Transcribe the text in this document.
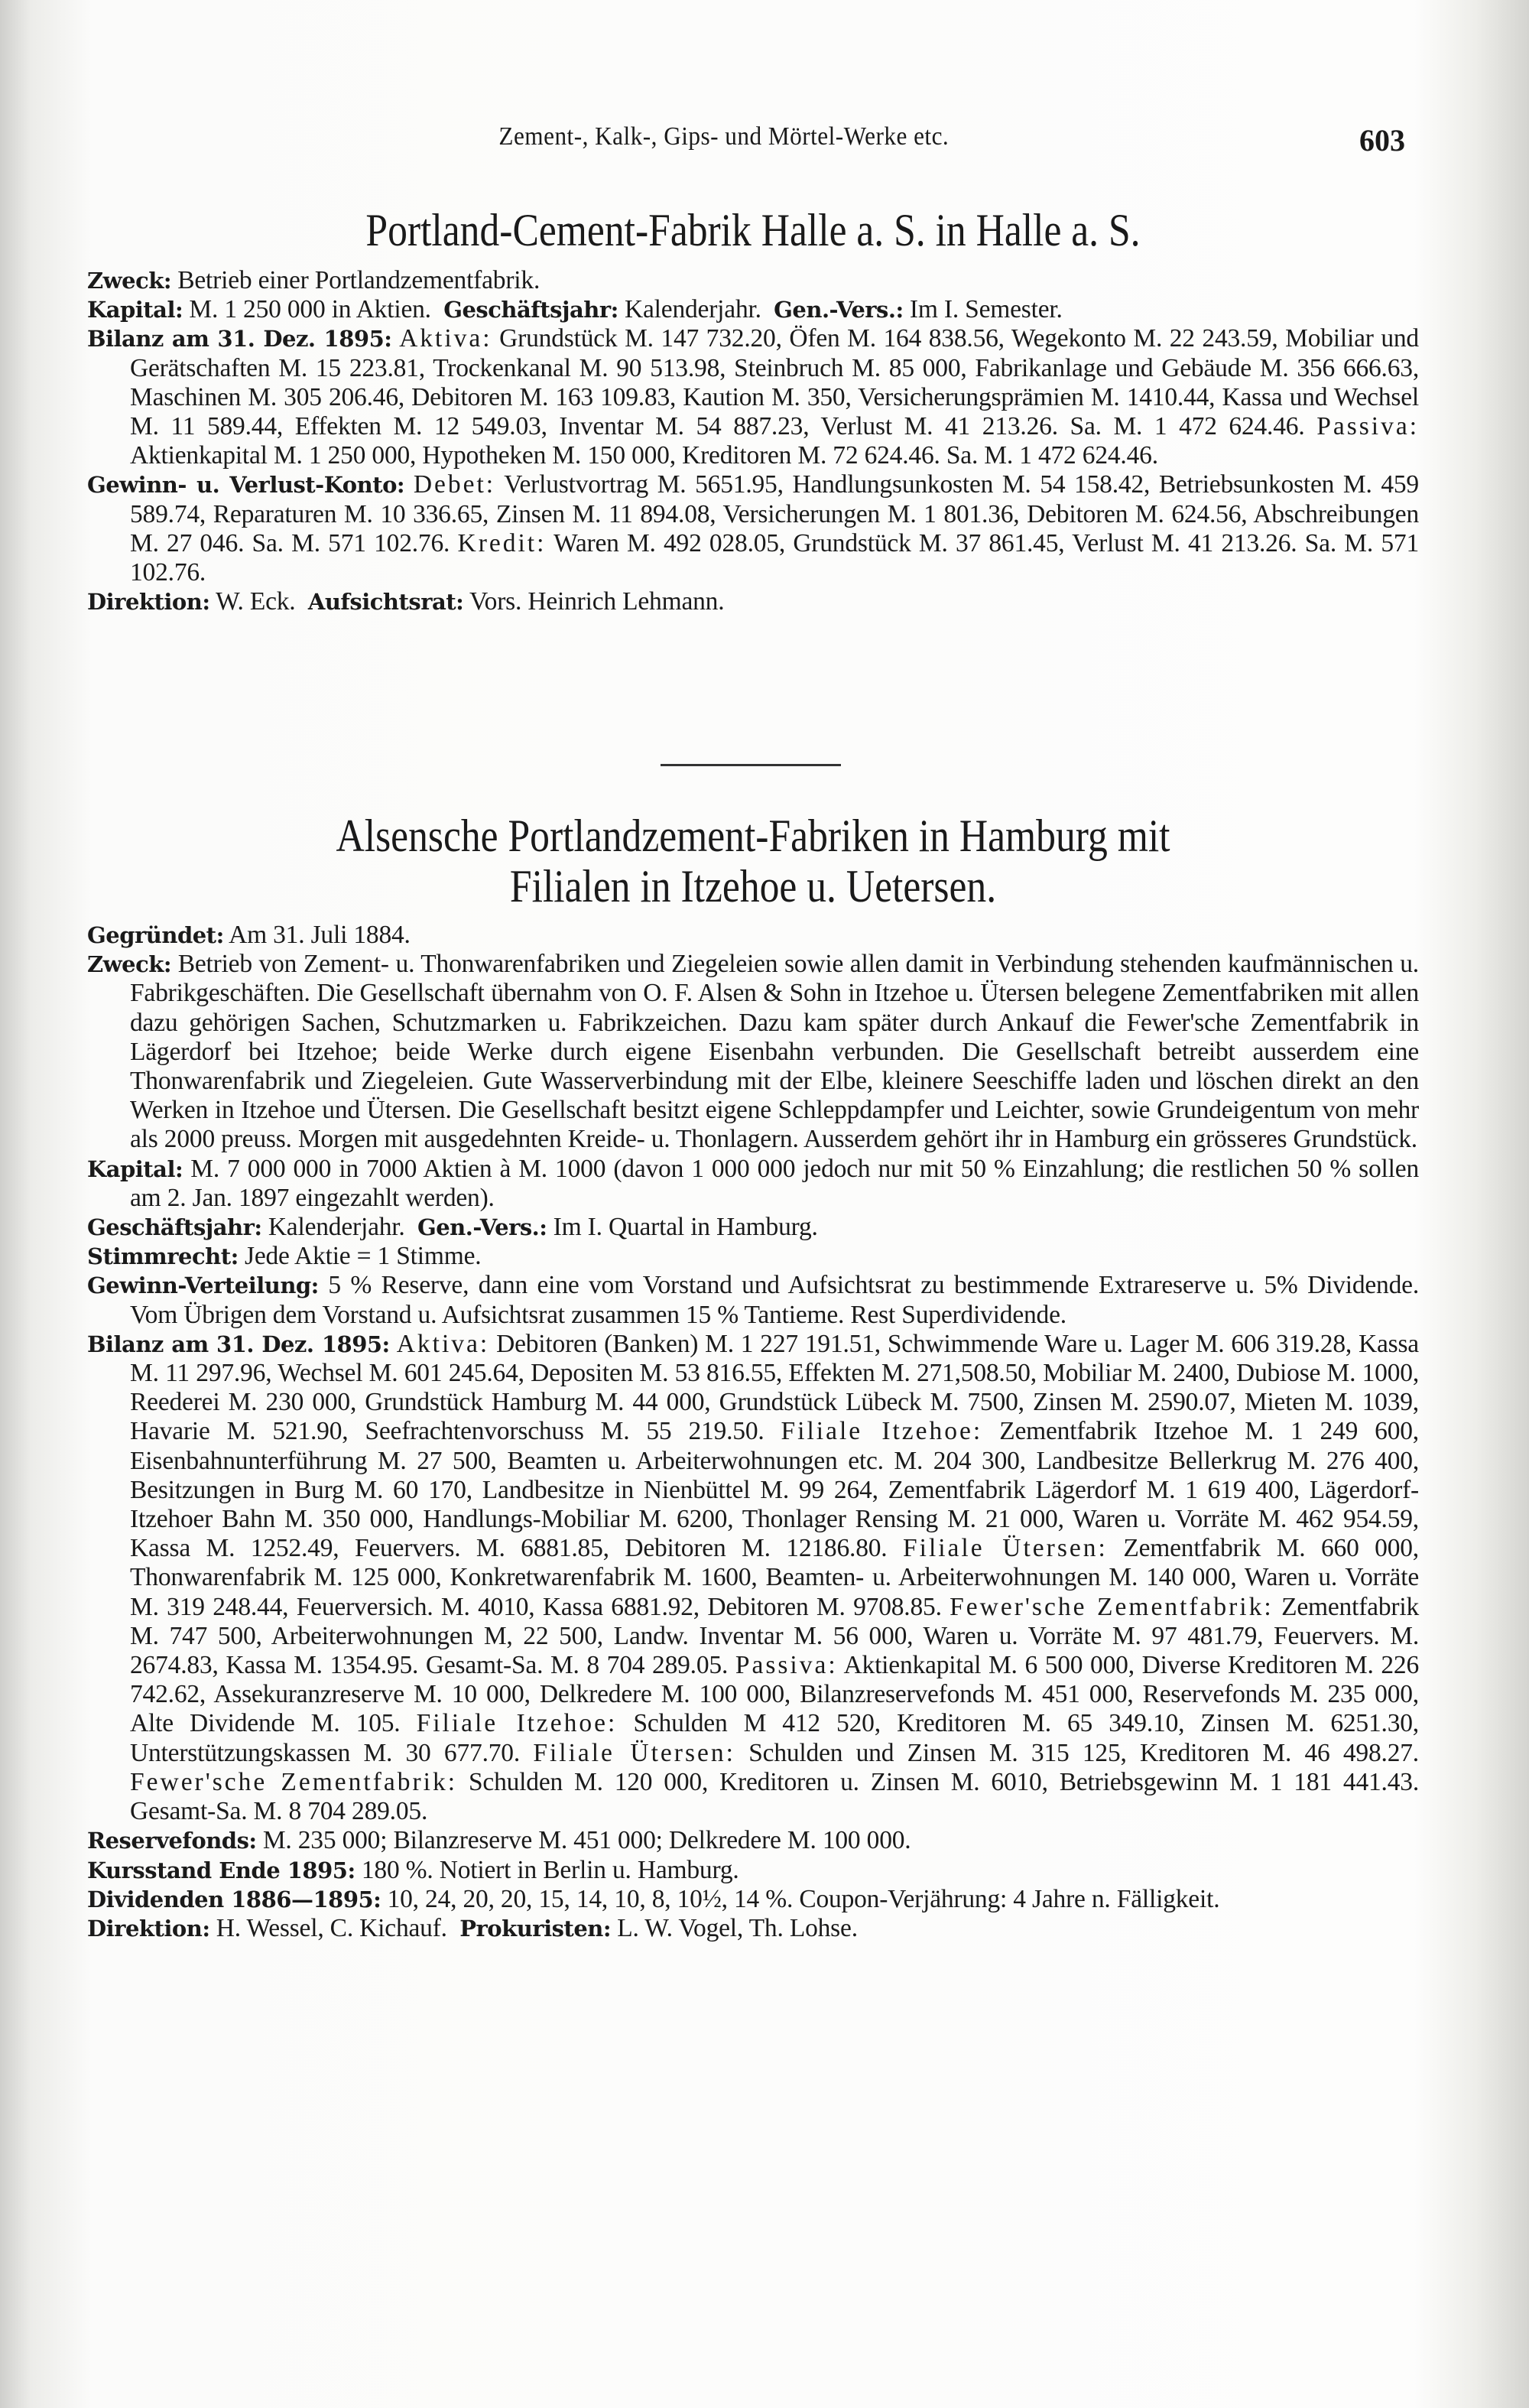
Zement-, Kalk-, Gips- und Mörtel-Werke etc.	603
Portland-Cement-Fabrik Halle a. S. in Halle a. S.

Zweck: Betrieb einer Portlandzementfabrik.

Kapital: M. 1 250 000 in Aktien. Geschäftsjahr: Kalenderjahr. Gen.-Vers.: Im I. Semester.

Bilanz am 31. Dez. 1895: Aktiva: Grundstück M. 147 732.20, Öfen M. 164 838.56, Wegekonto M. 22 243.59, Mobiliar und Gerätschaften M. 15 223.81, Trockenkanal M. 90 513.98, Steinbruch M. 85 000, Fabrikanlage und Gebäude M. 356 666.63, Maschinen M. 305 206.46, Debitoren M. 163 109.83, Kaution M. 350, Versicherungsprämien M. 1410.44, Kassa und Wechsel M. 11 589.44, Effekten M. 12 549.03, Inventar M. 54 887.23, Verlust M. 41 213.26. Sa. M. 1 472 624.46. Passiva: Aktienkapital M. 1 250 000, Hypotheken M. 150 000, Kreditoren M. 72 624.46. Sa. M. 1 472 624.46.

Gewinn- u. Verlust-Konto: Debet: Verlustvortrag M. 5651.95, Handlungsunkosten M. 54 158.42, Betriebsunkosten M. 459 589.74, Reparaturen M. 10 336.65, Zinsen M. 11 894.08, Versicherungen M. 1 801.36, Debitoren M. 624.56, Abschreibungen M. 27 046. Sa. M. 571 102.76. Kredit: Waren M. 492 028.05, Grundstück M. 37 861.45, Verlust M. 41 213.26. Sa. M. 571 102.76.

Direktion: W. Eck. Aufsichtsrat: Vors. Heinrich Lehmann.

Alsensche Portlandzement-Fabriken in Hamburg mit
Filialen in Itzehoe u. Uetersen.

Gegründet: Am 31. Juli 1884.

Zweck: Betrieb von Zement- u. Thonwarenfabriken und Ziegeleien sowie allen damit in Verbindung stehenden kaufmännischen u. Fabrikgeschäften. Die Gesellschaft übernahm von O. F. Alsen & Sohn in Itzehoe u. Ütersen belegene Zementfabriken mit allen dazu gehörigen Sachen, Schutzmarken u. Fabrikzeichen. Dazu kam später durch Ankauf die Fewer'sche Zementfabrik in Lägerdorf bei Itzehoe; beide Werke durch eigene Eisenbahn verbunden. Die Gesellschaft betreibt ausserdem eine Thonwarenfabrik und Ziegeleien. Gute Wasserverbindung mit der Elbe, kleinere Seeschiffe laden und löschen direkt an den Werken in Itzehoe und Ütersen. Die Gesellschaft besitzt eigene Schleppdampfer und Leichter, sowie Grundeigentum von mehr als 2000 preuss. Morgen mit ausgedehnten Kreide- u. Thonlagern. Ausserdem gehört ihr in Hamburg ein grösseres Grundstück.

Kapital: M. 7 000 000 in 7000 Aktien à M. 1000 (davon 1 000 000 jedoch nur mit 50 % Einzahlung; die restlichen 50 % sollen am 2. Jan. 1897 eingezahlt werden).

Geschäftsjahr: Kalenderjahr. Gen.-Vers.: Im I. Quartal in Hamburg.

Stimmrecht: Jede Aktie = 1 Stimme.

Gewinn-Verteilung: 5 % Reserve, dann eine vom Vorstand und Aufsichtsrat zu bestimmende Extrareserve u. 5% Dividende. Vom Übrigen dem Vorstand u. Aufsichtsrat zusammen 15 % Tantieme. Rest Superdividende.

Bilanz am 31. Dez. 1895: Aktiva: Debitoren (Banken) M. 1 227 191.51, Schwimmende Ware u. Lager M. 606 319.28, Kassa M. 11 297.96, Wechsel M. 601 245.64, Depositen M. 53 816.55, Effekten M. 271,508.50, Mobiliar M. 2400, Dubiose M. 1000, Reederei M. 230 000, Grundstück Hamburg M. 44 000, Grundstück Lübeck M. 7500, Zinsen M. 2590.07, Mieten M. 1039, Havarie M. 521.90, Seefrachtenvorschuss M. 55 219.50. Filiale Itzehoe: Zementfabrik Itzehoe M. 1 249 600, Eisenbahnunterführung M. 27 500, Beamten u. Arbeiterwohnungen etc. M. 204 300, Landbesitze Bellerkrug M. 276 400, Besitzungen in Burg M. 60 170, Landbesitze in Nienbüttel M. 99 264, Zementfabrik Lägerdorf M. 1 619 400, Lägerdorf-Itzehoer Bahn M. 350 000, Handlungs-Mobiliar M. 6200, Thonlager Rensing M. 21 000, Waren u. Vorräte M. 462 954.59, Kassa M. 1252.49, Feuervers. M. 6881.85, Debitoren M. 12186.80. Filiale Ütersen: Zementfabrik M. 660 000, Thonwarenfabrik M. 125 000, Konkretwarenfabrik M. 1600, Beamten- u. Arbeiterwohnungen M. 140 000, Waren u. Vorräte M. 319 248.44, Feuerversich. M. 4010, Kassa 6881.92, Debitoren M. 9708.85. Fewer'sche Zementfabrik: Zementfabrik M. 747 500, Arbeiterwohnungen M, 22 500, Landw. Inventar M. 56 000, Waren u. Vorräte M. 97 481.79, Feuervers. M. 2674.83, Kassa M. 1354.95. Gesamt-Sa. M. 8 704 289.05. Passiva: Aktienkapital M. 6 500 000, Diverse Kreditoren M. 226 742.62, Assekuranzreserve M. 10 000, Delkredere M. 100 000, Bilanzreservefonds M. 451 000, Reservefonds M. 235 000, Alte Dividende M. 105. Filiale Itzehoe: Schulden M 412 520, Kreditoren M. 65 349.10, Zinsen M. 6251.30, Unterstützungskassen M. 30 677.70. Filiale Ütersen: Schulden und Zinsen M. 315 125, Kreditoren M. 46 498.27. Fewer'sche Zementfabrik: Schulden M. 120 000, Kreditoren u. Zinsen M. 6010, Betriebsgewinn M. 1 181 441.43. Gesamt-Sa. M. 8 704 289.05.

Reservefonds: M. 235 000; Bilanzreserve M. 451 000; Delkredere M. 100 000.

Kursstand Ende 1895: 180 %. Notiert in Berlin u. Hamburg.

Dividenden 1886—1895: 10, 24, 20, 20, 15, 14, 10, 8, 10½, 14 %. Coupon-Verjährung: 4 Jahre n. Fälligkeit.

Direktion: H. Wessel, C. Kichauf. Prokuristen: L. W. Vogel, Th. Lohse.
